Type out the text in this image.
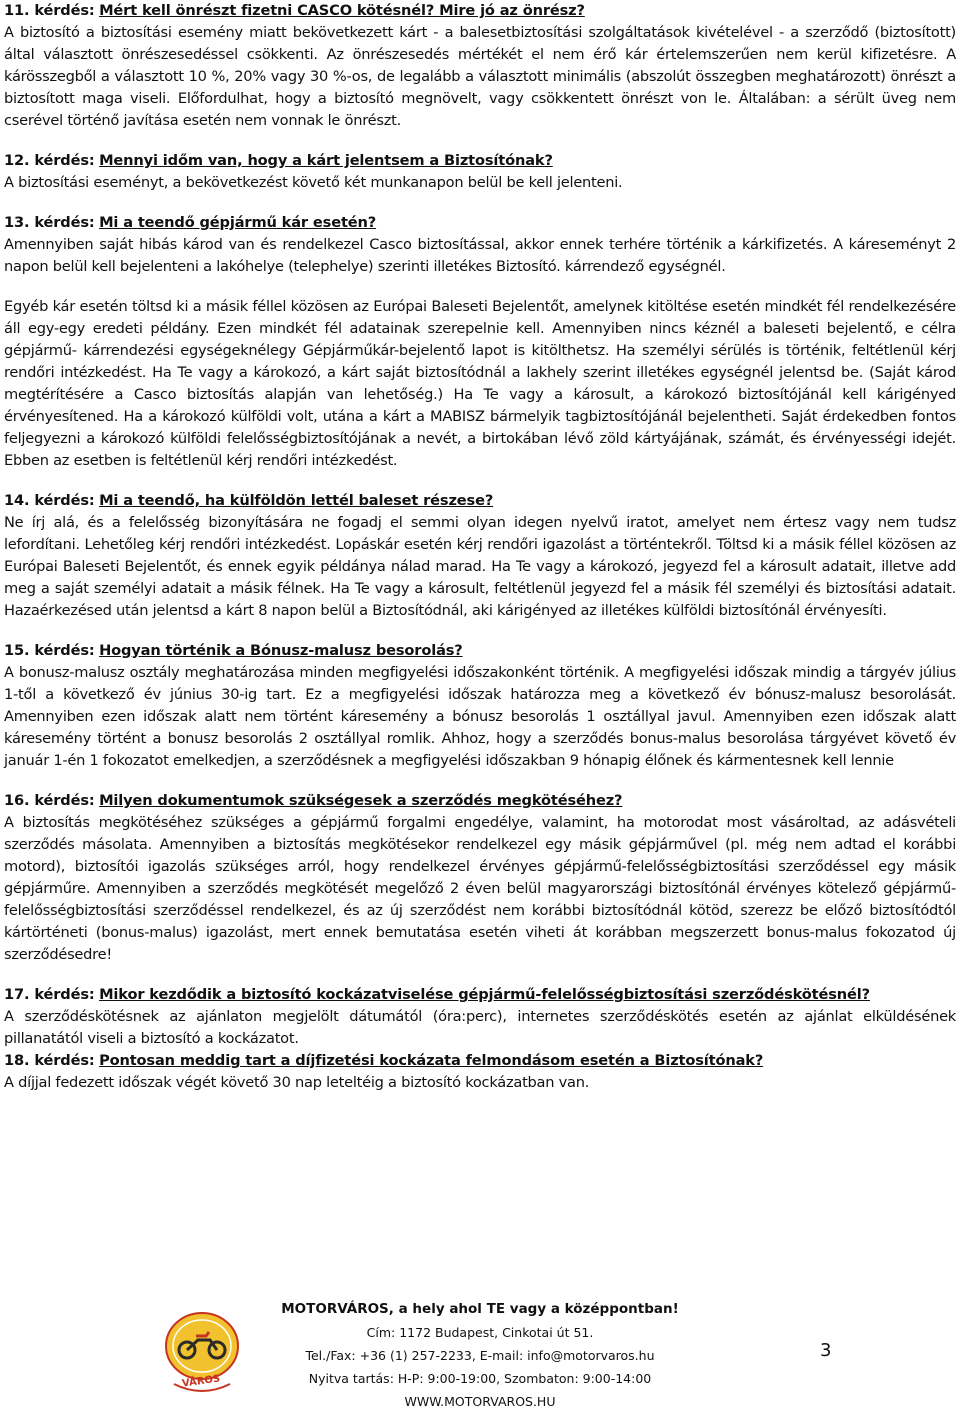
11. kérdés: Mért kell önrészt fizetni CASCO kötésnél? Mire jó az önrész?

A biztosító a biztosítási esemény miatt bekövetkezett kárt - a balesetbiztosítási szolgáltatások kivételével - a szerződő (biztosított) által választott önrészesedéssel csökkenti. Az önrészesedés mértékét el nem érő kár értelemszerűen nem kerül kifizetésre. A kárösszegből a választott 10 %, 20% vagy 30 %-os, de legalább a választott minimális (abszolút összegben meghatározott) önrészt a biztosított maga viseli. Előfordulhat, hogy a biztosító megnövelt, vagy csökkentett önrészt von le. Általában: a sérült üveg nem cserével történő javítása esetén nem vonnak le önrészt.

12. kérdés: Mennyi időm van, hogy a kárt jelentsem a Biztosítónak?

A biztosítási eseményt, a bekövetkezést követő két munkanapon belül be kell jelenteni.

13. kérdés: Mi a teendő gépjármű kár esetén?

Amennyiben saját hibás károd van és rendelkezel Casco biztosítással, akkor ennek terhére történik a kárkifizetés. A káreseményt 2 napon belül kell bejelenteni a lakóhelye (telephelye) szerinti illetékes Biztosító. kárrendező egységnél.

Egyéb kár esetén töltsd ki a másik féllel közösen az Európai Baleseti Bejelentőt, amelynek kitöltése esetén mindkét fél rendelkezésére áll egy-egy eredeti példány. Ezen mindkét fél adatainak szerepelnie kell. Amennyiben nincs kéznél a baleseti bejelentő, e célra gépjármű- kárrendezési egységeknélegy Gépjárműkár-bejelentő lapot is kitölthetsz. Ha személyi sérülés is történik, feltétlenül kérj rendőri intézkedést. Ha Te vagy a károkozó, a kárt saját biztosítódnál a lakhely szerint illetékes egységnél jelentsd be. (Saját károd megtérítésére a Casco biztosítás alapján van lehetőség.) Ha Te vagy a károsult, a károkozó biztosítójánál kell kárigényed érvényesítened. Ha a károkozó külföldi volt, utána a kárt a MABISZ bármelyik tagbiztosítójánál bejelentheti. Saját érdekedben fontos feljegyezni a károkozó külföldi felelősségbiztosítójának a nevét, a birtokában lévő zöld kártyájának, számát, és érvényességi idejét. Ebben az esetben is feltétlenül kérj rendőri intézkedést.

14. kérdés: Mi a teendő, ha külföldön lettél baleset részese?

Ne írj alá, és a felelősség bizonyítására ne fogadj el semmi olyan idegen nyelvű iratot, amelyet nem értesz vagy nem tudsz lefordítani. Lehetőleg kérj rendőri intézkedést. Lopáskár esetén kérj rendőri igazolást a történtekről. Töltsd ki a másik féllel közösen az Európai Baleseti Bejelentőt, és ennek egyik példánya nálad marad. Ha Te vagy a károkozó, jegyezd fel a károsult adatait, illetve add meg a saját személyi adatait a másik félnek. Ha Te vagy a károsult, feltétlenül jegyezd fel a másik fél személyi és biztosítási adatait. Hazaérkezésed után jelentsd a kárt 8 napon belül a Biztosítódnál, aki kárigényed az illetékes külföldi biztosítónál érvényesíti.

15. kérdés: Hogyan történik a Bónusz-malusz besorolás?

A bonusz-malusz osztály meghatározása minden megfigyelési időszakonként történik. A megfigyelési időszak mindig a tárgyév július 1-től a következő év június 30-ig tart. Ez a megfigyelési időszak határozza meg a következő év bónusz-malusz besorolását. Amennyiben ezen időszak alatt nem történt káresemény a bónusz besorolás 1 osztállyal javul. Amennyiben ezen időszak alatt káresemény történt a bonusz besorolás 2 osztállyal romlik. Ahhoz, hogy a szerződés bonus-malus besorolása tárgyévet követő év január 1-én 1 fokozatot emelkedjen, a szerződésnek a megfigyelési időszakban 9 hónapig élőnek és kármentesnek kell lennie

16. kérdés: Milyen dokumentumok szükségesek a szerződés megkötéséhez?

A biztosítás megkötéséhez szükséges a gépjármű forgalmi engedélye, valamint, ha motorodat most vásároltad, az adásvételi szerződés másolata. Amennyiben a biztosítás megkötésekor rendelkezel egy másik gépjárművel (pl. még nem adtad el korábbi motord), biztosítói igazolás szükséges arról, hogy rendelkezel érvényes gépjármű-felelősségbiztosítási szerződéssel egy másik gépjárműre. Amennyiben a szerződés megkötését megelőző 2 éven belül magyarországi biztosítónál érvényes kötelező gépjármű-felelősségbiztosítási szerződéssel rendelkezel, és az új szerződést nem korábbi biztosítódnál kötöd, szerezz be előző biztosítódtól kártörténeti (bonus-malus) igazolást, mert ennek bemutatása esetén viheti át korábban megszerzett bonus-malus fokozatod új szerződésedre!

17. kérdés: Mikor kezdődik a biztosító kockázatviselése gépjármű-felelősségbiztosítási szerződéskötésnél?

A szerződéskötésnek az ajánlaton megjelölt dátumától (óra:perc), internetes szerződéskötés esetén az ajánlat elküldésének pillanatától viseli a biztosító a kockázatot.

18. kérdés: Pontosan meddig tart a díjfizetési kockázata felmondásom esetén a Biztosítónak?

A díjjal fedezett időszak végét követő 30 nap leteltéig a biztosító kockázatban van.

VÁROS
MOTORVÁROS, a hely ahol TE vagy a középpontban!
Cím: 1172 Budapest, Cinkotai út 51.
Tel./Fax: +36 (1) 257-2233, E-mail: info@motorvaros.hu
Nyitva tartás: H-P: 9:00-19:00, Szombaton: 9:00-14:00
WWW.MOTORVAROS.HU
3
